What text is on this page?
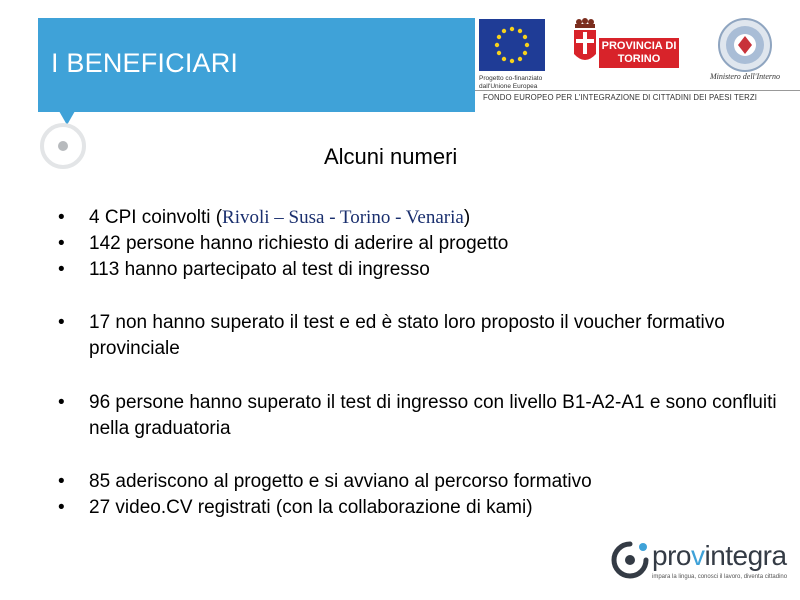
I BENEFICIARI
Progetto co-finanziato dall'Unione Europea
PROVINCIA DI TORINO
Ministero dell'Interno
FONDO EUROPEO PER L'INTEGRAZIONE DI CITTADINI DEI PAESI TERZI
Alcuni numeri
• 4 CPI coinvolti (Rivoli – Susa - Torino - Venaria)
• 142 persone hanno richiesto di aderire al progetto
• 113 hanno partecipato al test di ingresso
• 17 non hanno superato il test e ed è stato loro proposto il voucher formativo provinciale
• 96 persone hanno superato il test di ingresso con livello B1-A2-A1 e sono confluiti nella graduatoria
• 85 aderiscono al progetto e si avviano al percorso formativo
• 27 video.CV registrati (con la collaborazione di kami)
provintegra
impara la lingua, conosci il lavoro, diventa cittadino
